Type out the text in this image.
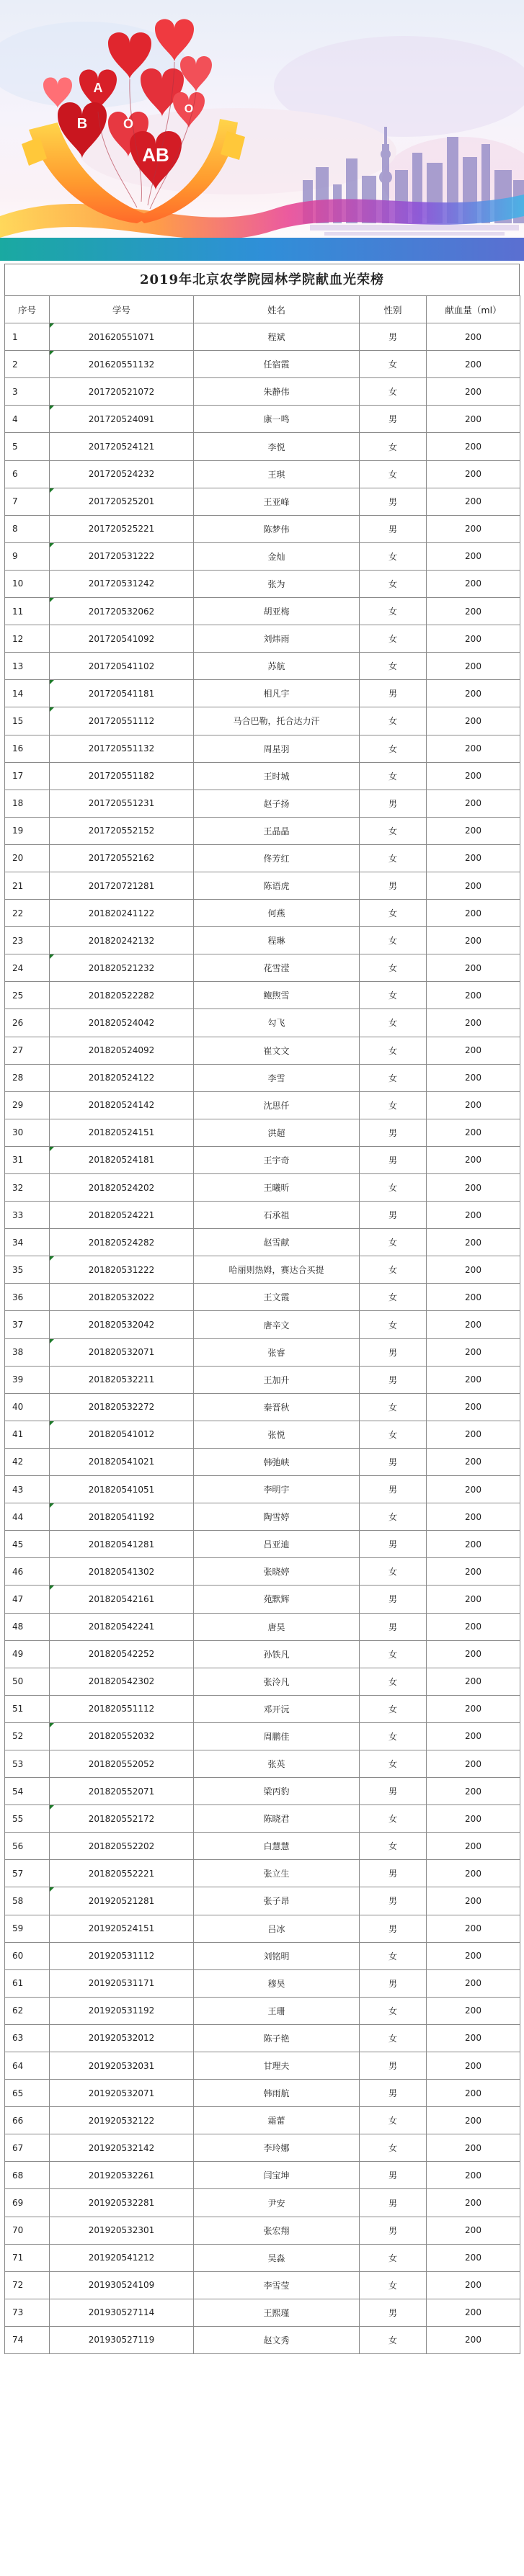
B	O
A
O
AB
2019年北京农学院园林学院献血光荣榜
序号	学号	姓名	性别	献血量（ml）
1	201620551071	程斌	男	200
2	201620551132	任宿霞	女	200
3	201720521072	朱静伟	女	200
4	201720524091	康一鸣	男	200
5	201720524121	李悦	女	200
6	201720524232	王琪	女	200
7	201720525201	王亚峰	男	200
8	201720525221	陈梦伟	男	200
9	201720531222	金灿	女	200
10	201720531242	张为	女	200
11	201720532062	胡亚梅	女	200
12	201720541092	刘炜雨	女	200
13	201720541102	苏航	女	200
14	201720541181	相凡宇	男	200
15	201720551112	马合巴勒，托合达力汗	女	200
16	201720551132	周星羽	女	200
17	201720551182	王时城	女	200
18	201720551231	赵子扬	男	200
19	201720552152	王晶晶	女	200
20	201720552162	佟芳红	女	200
21	201720721281	陈语虎	男	200
22	201820241122	何燕	女	200
23	201820242132	程琳	女	200
24	201820521232	花雪滢	女	200
25	201820522282	鲍煦雪	女	200
26	201820524042	勾飞	女	200
27	201820524092	崔文文	女	200
28	201820524122	李雪	女	200
29	201820524142	沈思仟	女	200
30	201820524151	洪超	男	200
31	201820524181	王宇奇	男	200
32	201820524202	王曦昕	女	200
33	201820524221	石承祖	男	200
34	201820524282	赵雪献	女	200
35	201820531222	哈丽则热姆，赛达合买提	女	200
36	201820532022	王文霞	女	200
37	201820532042	唐辛文	女	200
38	201820532071	张睿	男	200
39	201820532211	王加升	男	200
40	201820532272	秦晋秋	女	200
41	201820541012	张悦	女	200
42	201820541021	韩弛峡	男	200
43	201820541051	李明宇	男	200
44	201820541192	陶雪婷	女	200
45	201820541281	吕亚迪	男	200
46	201820541302	张晓婷	女	200
47	201820542161	苑默辉	男	200
48	201820542241	唐昊	男	200
49	201820542252	孙铁凡	女	200
50	201820542302	张泠凡	女	200
51	201820551112	邓开沅	女	200
52	201820552032	周鹏佳	女	200
53	201820552052	张英	女	200
54	201820552071	梁丙豹	男	200
55	201820552172	陈晓君	女	200
56	201820552202	白慧慧	女	200
57	201820552221	张立生	男	200
58	201920521281	张子昂	男	200
59	201920524151	吕冰	男	200
60	201920531112	刘铭明	女	200
61	201920531171	穆昊	男	200
62	201920531192	王珊	女	200
63	201920532012	陈子艳	女	200
64	201920532031	甘理夫	男	200
65	201920532071	韩雨航	男	200
66	201920532122	霜蕾	女	200
67	201920532142	李玲娜	女	200
68	201920532261	闫宝坤	男	200
69	201920532281	尹安	男	200
70	201920532301	张宏翔	男	200
71	201920541212	吴淼	女	200
72	201930524109	李雪莹	女	200
73	201930527114	王熙瑾	男	200
74	201930527119	赵文秀	女	200
